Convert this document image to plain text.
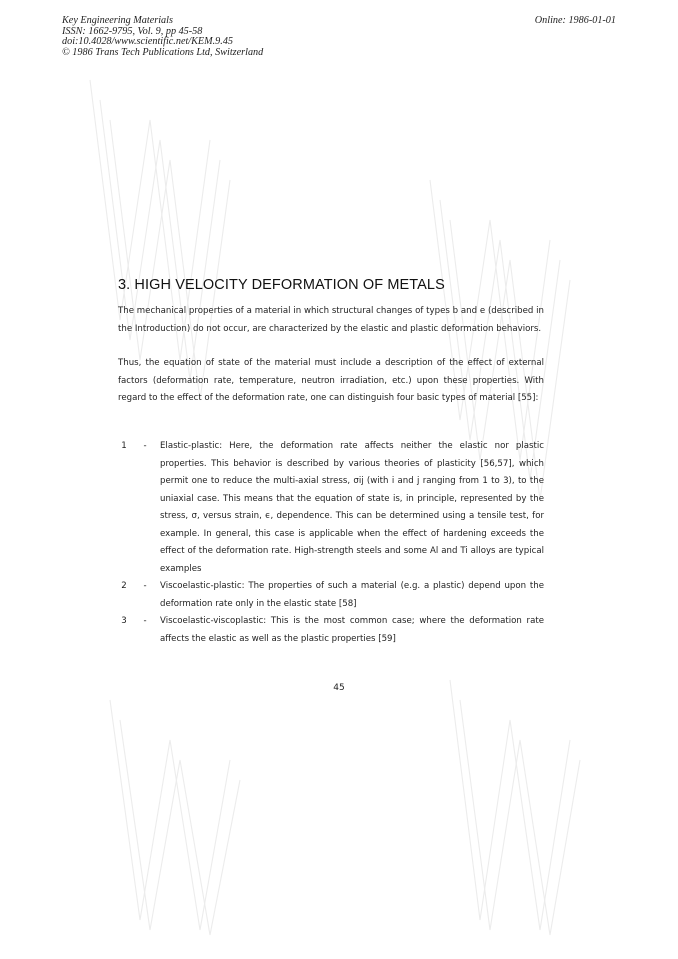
Key Engineering Materials
ISSN: 1662-9795, Vol. 9, pp 45-58
doi:10.4028/www.scientific.net/KEM.9.45
© 1986 Trans Tech Publications Ltd, Switzerland
Online: 1986-01-01
3. HIGH VELOCITY DEFORMATION OF METALS
The mechanical properties of a material in which structural changes of types b and e (described in the Introduction) do not occur, are characterized by the elastic and plastic deformation behaviors.
Thus, the equation of state of the material must include a description of the effect of external factors (deformation rate, temperature, neutron irradiation, etc.) upon these properties. With regard to the effect of the deformation rate, one can distinguish four basic types of material [55]:
1	-	Elastic-plastic: Here, the deformation rate affects neither the elastic nor plastic properties. This behavior is described by various theories of plasticity [56,57], which permit one to reduce the multi-axial stress, σij (with i and j ranging from 1 to 3), to the uniaxial case. This means that the equation of state is, in principle, represented by the stress, σ, versus strain, ϵ, dependence. This can be determined using a tensile test, for example. In general, this case is applicable when the effect of hardening exceeds the effect of the deformation rate. High-strength steels and some Al and Ti alloys are typical examples
2	-	Viscoelastic-plastic: The properties of such a material (e.g. a plastic) depend upon the deformation rate only in the elastic state [58]
3	-	Viscoelastic-viscoplastic: This is the most common case; where the deformation rate affects the elastic as well as the plastic properties [59]
45
